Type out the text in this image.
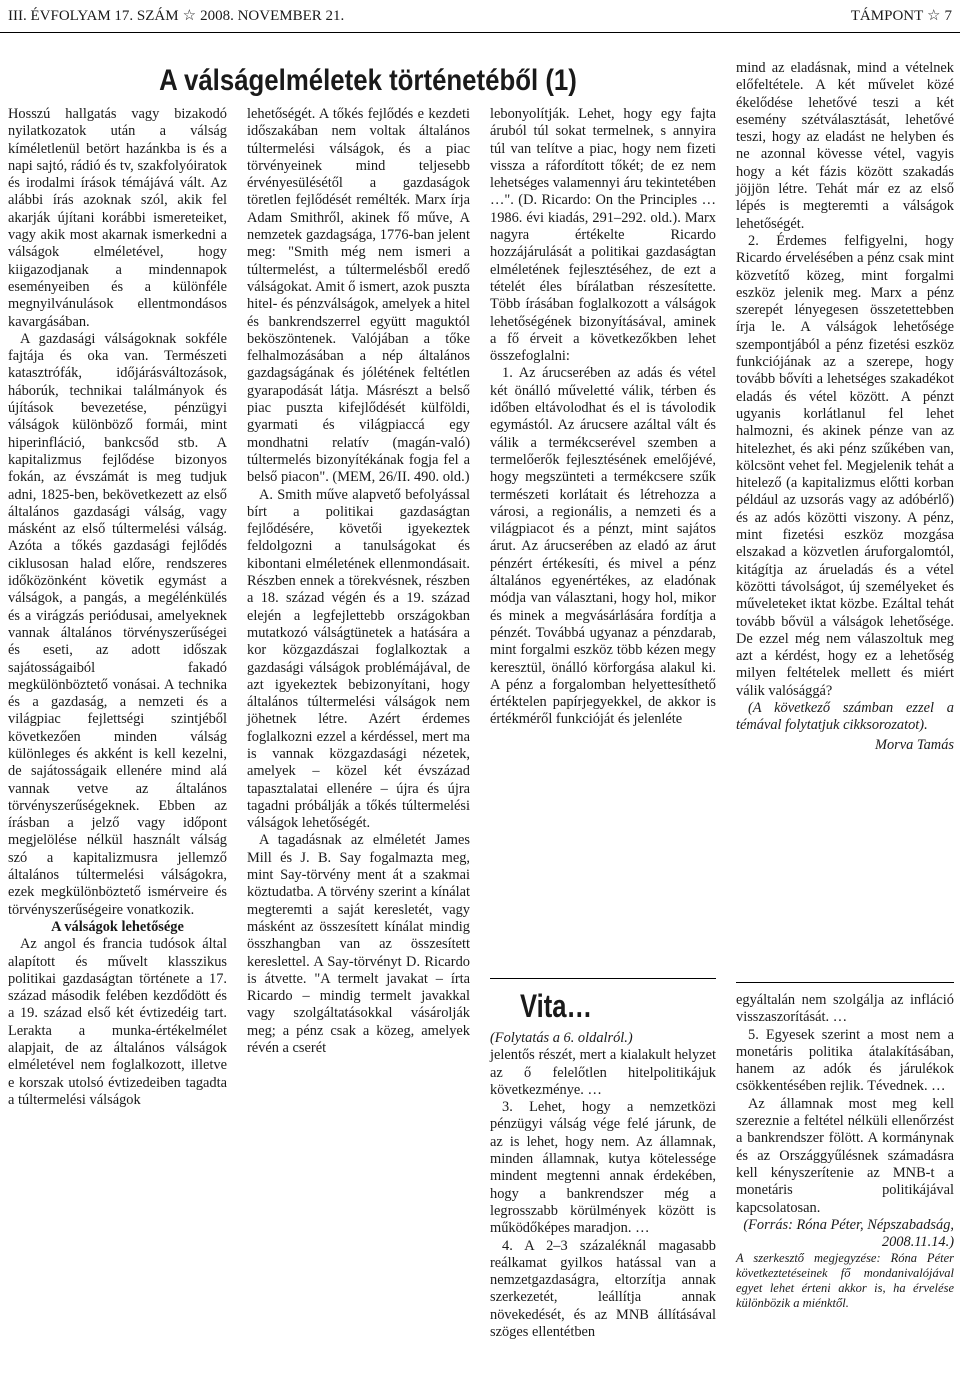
III. ÉVFOLYAM 17. SZÁM ☆ 2008. NOVEMBER 21.	TÁMPONT ☆ 7
A válságelméletek történetéből (1)

Hosszú hallgatás vagy bizakodó nyilatkozatok után a válság kíméletlenül betört hazánkba is és a napi sajtó, rádió és tv, szakfolyóiratok és irodalmi írások témájává vált. Az alábbi írás azoknak szól, akik fel akarják újítani korábbi ismereteiket, vagy akik most akarnak ismerkedni a válságok elméletével, hogy kiigazodjanak a mindennapok eseményeiben és a különféle megnyilvánulások ellentmondásos kavargásában.

A gazdasági válságoknak sokféle fajtája és oka van. Természeti katasztrófák, időjárásváltozások, háborúk, technikai találmányok és újítások bevezetése, pénzügyi válságok különböző formái, mint hiperinfláció, bankcsőd stb. A kapitalizmus fejlődése bizonyos fokán, az évszámát is meg tudjuk adni, 1825-ben, bekövetkezett az első általános gazdasági válság, vagy másként az első túltermelési válság. Azóta a tőkés gazdasági fejlődés ciklusosan halad előre, rendszeres időközönként követik egymást a válságok, a pangás, a megélénkülés és a virágzás periódusai, amelyeknek vannak általános törvényszerűségei és eseti, az adott időszak sajátosságaiból fakadó megkülönböztető vonásai. A technika és a gazdaság, a nemzeti és a világpiac fejlettségi szintjéből következően minden válság különleges és akként is kell kezelni, de sajátosságaik ellenére mind alá vannak vetve az általános törvényszerűségeknek. Ebben az írásban a jelző vagy időpont megjelölése nélkül használt válság szó a kapitalizmusra jellemző általános túltermelési válságokra, ezek megkülönböztető ismérveire és törvényszerűségeire vonatkozik.

A válságok lehetősége

Az angol és francia tudósok által alapított és művelt klasszikus politikai gazdaságtan története a 17. század második felében kezdődött és a 19. század első két évtizedéig tart. Lerakta a munka-értékelmélet alapjait, de az általános válságok elméletével nem foglalkozott, illetve e korszak utolsó évtizedeiben tagadta a túltermelési válságok

lehetőségét. A tőkés fejlődés e kezdeti időszakában nem voltak általános túltermelési válságok, és a piac törvényeinek mind teljesebb érvényesülésétől a gazdaságok töretlen fejlődését remélték. Marx írja Adam Smithről, akinek fő műve, A nemzetek gazdagsága, 1776-ban jelent meg: "Smith még nem ismeri a túltermelést, a túltermelésből eredő válságokat. Amit ő ismert, azok puszta hitel- és pénzválságok, amelyek a hitel és bankrendszerrel együtt maguktól beköszöntenek. Valójában a tőke felhalmozásában a nép általános gazdagságának és jólétének feltétlen gyarapodását látja. Másrészt a belső piac puszta kifejlődését külföldi, gyarmati és világpiaccá egy mondhatni relatív (magán-való) túltermelés bizonyítékának fogja fel a belső piacon". (MEM, 26/II. 490. old.)

A. Smith műve alapvető befolyással bírt a politikai gazdaságtan fejlődésére, követői igyekeztek feldolgozni a tanulságokat és kibontani elméletének ellenmondásait. Részben ennek a törekvésnek, részben a 18. század végén és a 19. század elején a legfejlettebb országokban mutatkozó válságtünetek a hatására a kor közgazdászai foglalkoztak a gazdasági válságok problémájával, de azt igyekeztek bebizonyítani, hogy általános túltermelési válságok nem jöhetnek létre. Azért érdemes foglalkozni ezzel a kérdéssel, mert ma is vannak közgazdasági nézetek, amelyek – közel két évszázad tapasztalatai ellenére – újra és újra tagadni próbálják a tőkés túltermelési válságok lehetőségét.

A tagadásnak az elméletét James Mill és J. B. Say fogalmazta meg, mint Say-törvény ment át a szakmai köztudatba. A törvény szerint a kínálat megteremti a saját keresletét, vagy másként az összesített kínálat mindig összhangban van az összesített kereslettel. A Say-törvényt D. Ricardo is átvette. "A termelt javakat – írta Ricardo – mindig termelt javakkal vagy szolgáltatásokkal vásárolják meg; a pénz csak a közeg, amelyek révén a cserét

lebonyolítják. Lehet, hogy egy fajta áruból túl sokat termelnek, s annyira túl van telítve a piac, hogy nem fizeti vissza a ráfordított tőkét; de ez nem lehetséges valamennyi áru tekintetében …". (D. Ricardo: On the Principles … 1986. évi kiadás, 291–292. old.). Marx nagyra értékelte Ricardo hozzájárulását a politikai gazdaságtan elméletének fejlesztéséhez, de ezt a tételét éles bírálatban részesítette. Több írásában foglalkozott a válságok lehetőségének bizonyításával, aminek a fő érveit a következőkben lehet összefoglalni:

1. Az árucserében az adás és vétel két önálló műveletté válik, térben és időben eltávolodhat és el is távolodik egymástól. Az árucsere azáltal vált és válik a termékcserével szemben a termelőerők fejlesztésének emelőjévé, hogy megszünteti a termékcsere szűk természeti korlátait és létrehozza a városi, a regionális, a nemzeti és a világpiacot és a pénzt, mint sajátos árut. Az árucserében az eladó az árut pénzért értékesíti, és mivel a pénz általános egyenértékes, az eladónak módja van választani, hogy hol, mikor és minek a megvásárlására fordítja a pénzét. Továbbá ugyanaz a pénzdarab, mint forgalmi eszköz több kézen megy keresztül, önálló körforgása alakul ki. A pénz a forgalomban helyettesíthető értéktelen papírjegyekkel, de akkor is értékméről funkcióját és jelenléte

mind az eladásnak, mind a vételnek előfeltétele. A két művelet közé ékelődése lehetővé teszi a két esemény szétválasztását, lehetővé teszi, hogy az eladást ne helyben és ne azonnal kövesse vétel, vagyis hogy a két fázis között szakadás jöjjön létre. Tehát már ez az első lépés is megteremti a válságok lehetőségét.

2. Érdemes felfigyelni, hogy Ricardo érvelésében a pénz csak mint közvetítő közeg, mint forgalmi eszköz jelenik meg. Marx a pénz szerepét lényegesen összetettebben írja le. A válságok lehetősége szempontjából a pénz fizetési eszköz funkciójának az a szerepe, hogy tovább bővíti a lehetséges szakadékot eladás és vétel között. A pénzt ugyanis korlátlanul fel lehet halmozni, és akinek pénze van az hitelezhet, és aki pénz szűkében van, kölcsönt vehet fel. Megjelenik tehát a hitelező (a kapitalizmus előtti korban például az uzsorás vagy az adóbérlő) és az adós közötti viszony. A pénz, mint fizetési eszköz mozgása elszakad a közvetlen áruforgalomtól, kitágítja az árueladás és a vétel közötti távolságot, új személyeket és műveleteket iktat közbe. Ezáltal tehát tovább bővül a válságok lehetősége. De ezzel még nem válaszoltuk meg azt a kérdést, hogy ez a lehetőség milyen feltételek mellett és miért válik valósággá?

(A következő számban ezzel a témával folytatjuk cikksorozatot).

Morva Tamás
Vita…

(Folytatás a 6. oldalról.)

jelentős részét, mert a kialakult helyzet az ő felelőtlen hitelpolitikájuk következménye. …

3. Lehet, hogy a nemzetközi pénzügyi válság vége felé járunk, de az is lehet, hogy nem. Az államnak, minden államnak, kutya kötelessége mindent megtenni annak érdekében, hogy a bankrendszer még a legrosszabb körülmények között is működőképes maradjon. …

4. A 2–3 százaléknál magasabb reálkamat gyilkos hatással van a nemzetgazdaságra, eltorzítja annak szerkezetét, leállítja annak növekedését, és az MNB állításával szöges ellentétben

egyáltalán nem szolgálja az infláció visszaszorítását. …

5. Egyesek szerint a most nem a monetáris politika átalakításában, hanem az adók és járulékok csökkentésében rejlik. Tévednek. …

Az államnak most meg kell szereznie a feltétel nélküli ellenőrzést a bankrendszer fölött. A kormánynak és az Országgyűlésnek számadásra kell kényszerítenie az MNB-t a monetáris politikájával kapcsolatosan.

(Forrás: Róna Péter, Népszabadság, 2008.11.14.)

A szerkesztő megjegyzése: Róna Péter következtetéseinek fő mondanivalójával egyet lehet érteni akkor is, ha érvelése különbözik a miénktől.
